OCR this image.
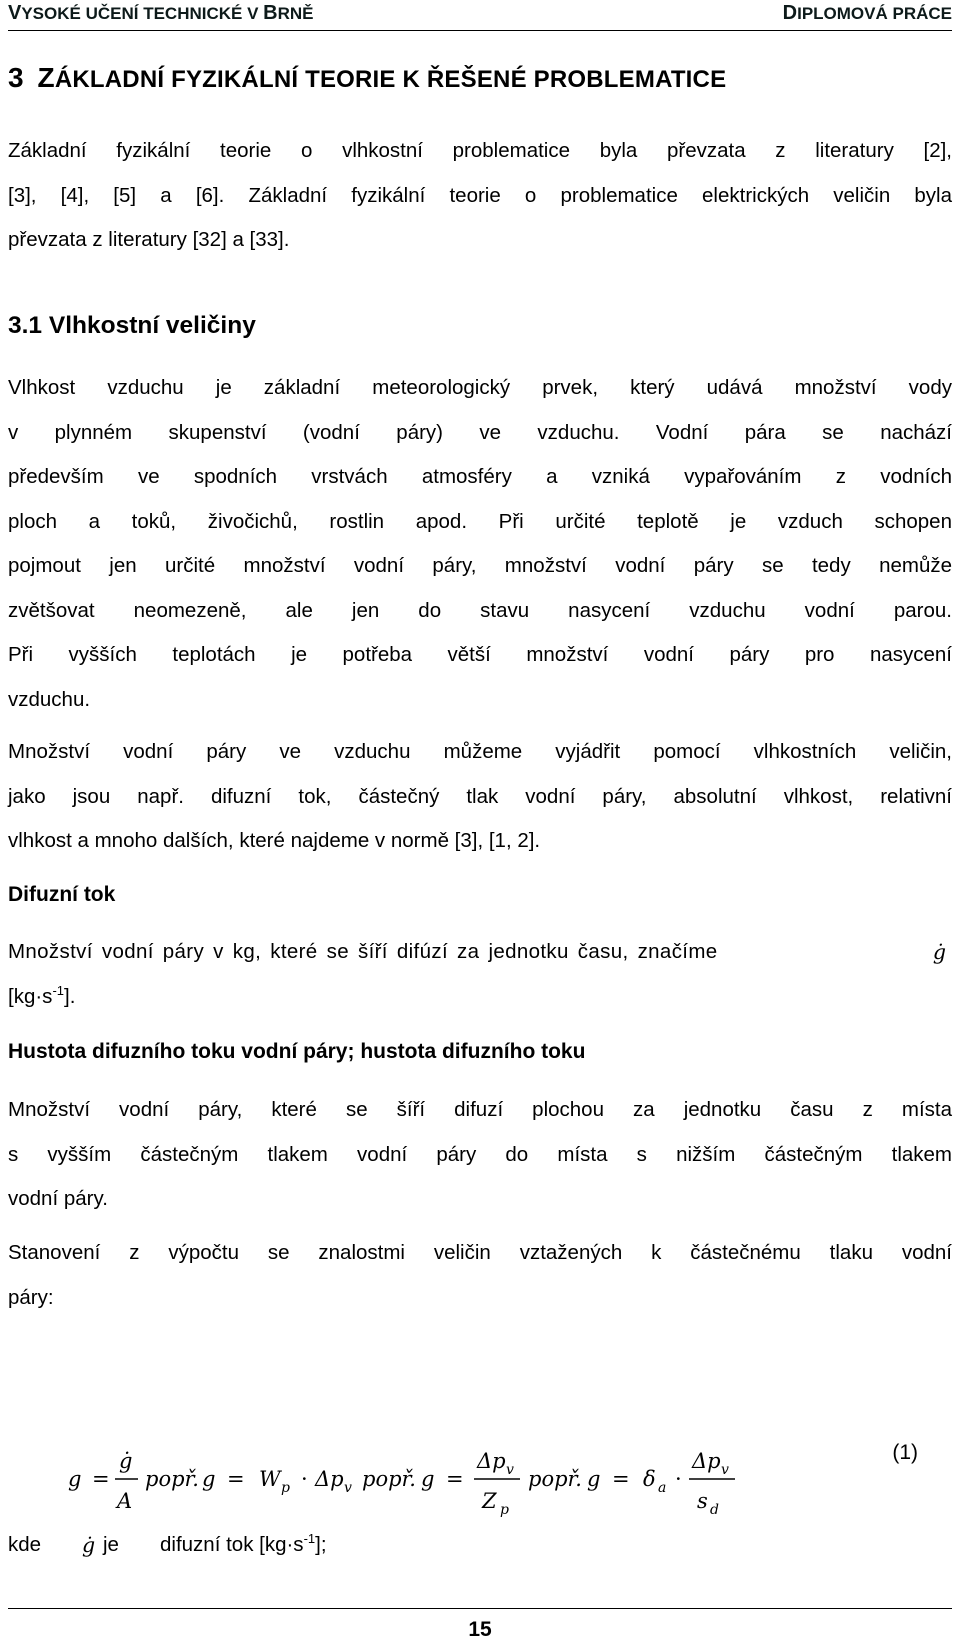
VYSOKÉ UČENÍ TECHNICKÉ V BRNĚ	DIPLOMOVÁ PRÁCE
3 ZÁKLADNÍ FYZIKÁLNÍ TEORIE K ŘEŠENÉ PROBLEMATICE
Základní fyzikální teorie o vlhkostní problematice byla převzata z literatury [2],
[3], [4], [5] a [6]. Základní fyzikální teorie o problematice elektrických veličin byla
převzata z literatury [32] a [33].
3.1 Vlhkostní veličiny
Vlhkost vzduchu je základní meteorologický prvek, který udává množství vody
v plynném skupenství (vodní páry) ve vzduchu. Vodní pára se nachází
především ve spodních vrstvách atmosféry a vzniká vypařováním z vodních
ploch a toků, živočichů, rostlin apod. Při určité teplotě je vzduch schopen
pojmout jen určité množství vodní páry, množství vodní páry se tedy nemůže
zvětšovat neomezeně, ale jen do stavu nasycení vzduchu vodní parou.
Při vyšších teplotách je potřeba větší množství vodní páry pro nasycení
vzduchu.
Množství vodní páry ve vzduchu můžeme vyjádřit pomocí vlhkostních veličin,
jako jsou např. difuzní tok, částečný tlak vodní páry, absolutní vlhkost, relativní
vlhkost a mnoho dalších, které najdeme v normě [3], [1, 2].
Difuzní tok
Množství vodní páry v kg, které se šíří difúzí za jednotku času, značíme	ġ
$[kg\cdot s^{-1}]$.
Hustota difuzního toku vodní páry; hustota difuzního toku
Množství vodní páry, které se šíří difuzí plochou za jednotku času z místa
s vyšším částečným tlakem vodní páry do místa s nižším částečným tlakem
vodní páry.
Stanovení z výpočtu se znalostmi veličin vztažených k částečnému tlaku vodní
páry:
g =
ġ
A
popř. g = W p · Δp v popř. g =
Δp v
Z p
popř. g = δ a ·
Δp v
s d
(1)
kde ġ je difuzní tok $[kg\cdot s^{-1}]$;
15
